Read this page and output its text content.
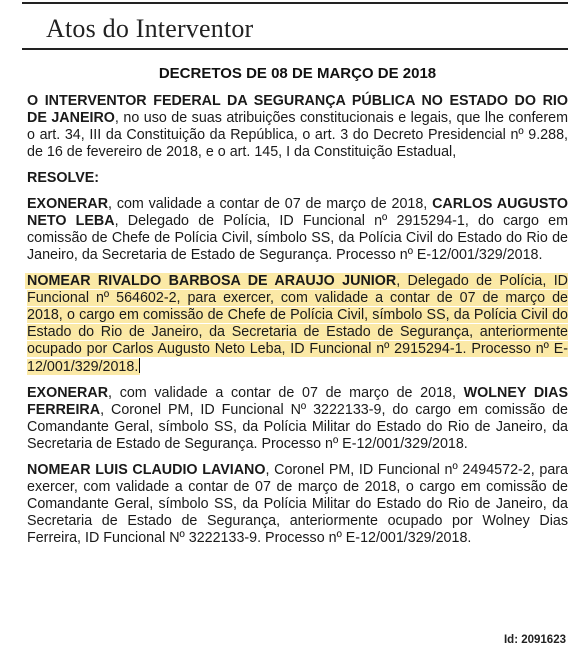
Atos do Interventor
DECRETOS DE 08 DE MARÇO DE 2018

O INTERVENTOR FEDERAL DA SEGURANÇA PÚBLICA NO ESTADO DO RIO DE JANEIRO, no uso de suas atribuições constitucionais e legais, que lhe conferem o art. 34, III da Constituição da República, o art. 3 do Decreto Presidencial nº 9.288, de 16 de fevereiro de 2018, e o art. 145, I da Constituição Estadual,

RESOLVE:

EXONERAR, com validade a contar de 07 de março de 2018, CARLOS AUGUSTO NETO LEBA, Delegado de Polícia, ID Funcional nº 2915294-1, do cargo em comissão de Chefe de Polícia Civil, símbolo SS, da Polícia Civil do Estado do Rio de Janeiro, da Secretaria de Estado de Segurança. Processo nº E-12/001/329/2018.

NOMEAR RIVALDO BARBOSA DE ARAUJO JUNIOR, Delegado de Polícia, ID Funcional nº 564602-2, para exercer, com validade a contar de 07 de março de 2018, o cargo em comissão de Chefe de Polícia Civil, símbolo SS, da Polícia Civil do Estado do Rio de Janeiro, da Secretaria de Estado de Segurança, anteriormente ocupado por Carlos Augusto Neto Leba, ID Funcional nº 2915294-1. Processo nº E-12/001/329/2018.

EXONERAR, com validade a contar de 07 de março de 2018, WOLNEY DIAS FERREIRA, Coronel PM, ID Funcional Nº 3222133-9, do cargo em comissão de Comandante Geral, símbolo SS, da Polícia Militar do Estado do Rio de Janeiro, da Secretaria de Estado de Segurança. Processo nº E-12/001/329/2018.

NOMEAR LUIS CLAUDIO LAVIANO, Coronel PM, ID Funcional nº 2494572-2, para exercer, com validade a contar de 07 de março de 2018, o cargo em comissão de Comandante Geral, símbolo SS, da Polícia Militar do Estado do Rio de Janeiro, da Secretaria de Estado de Segurança, anteriormente ocupado por Wolney Dias Ferreira, ID Funcional Nº 3222133-9. Processo nº E-12/001/329/2018.

Id: 2091623
